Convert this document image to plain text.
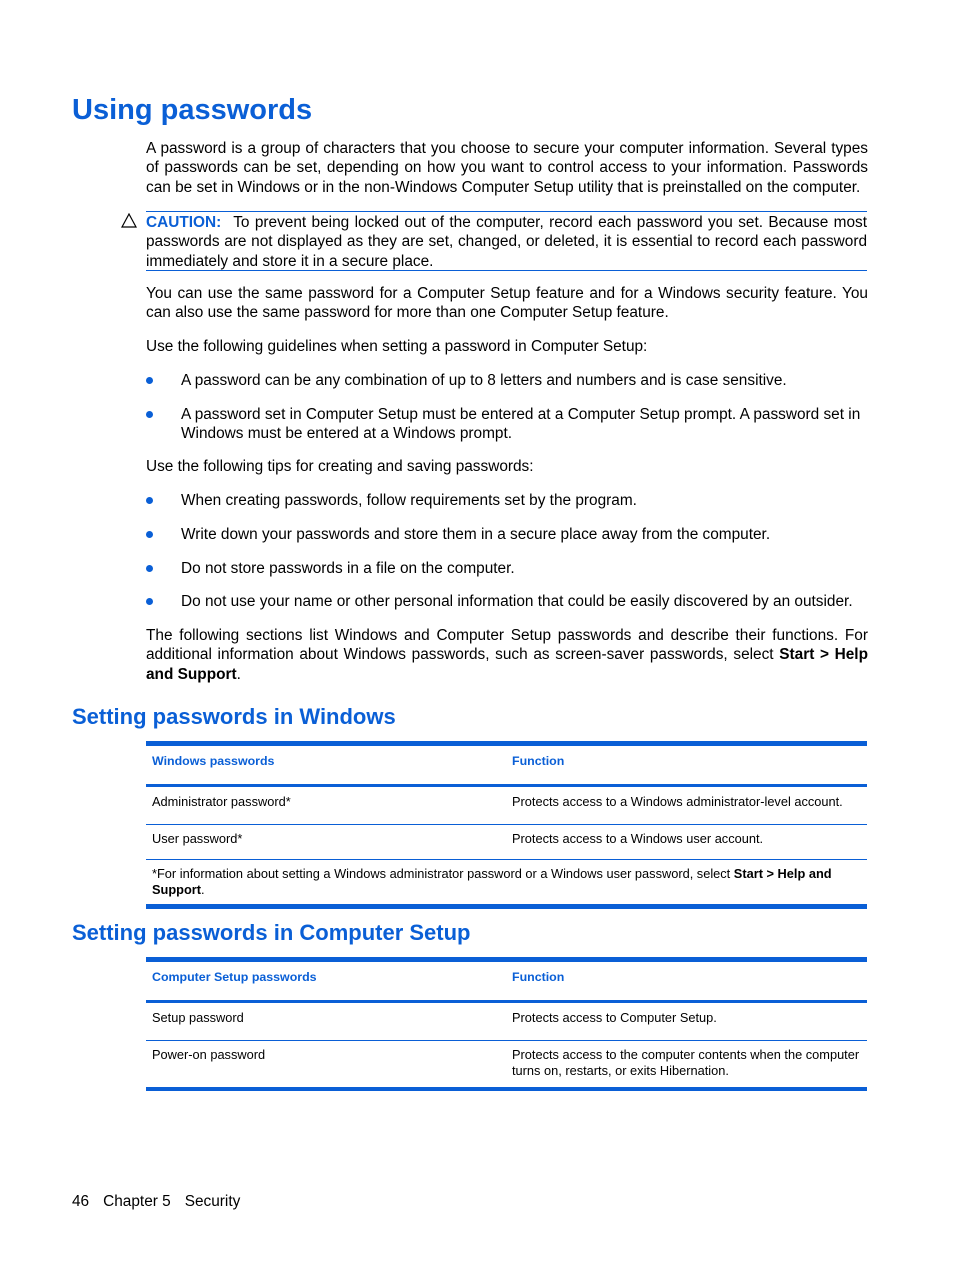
Using passwords

A password is a group of characters that you choose to secure your computer information. Several types of passwords can be set, depending on how you want to control access to your information. Passwords can be set in Windows or in the non-Windows Computer Setup utility that is preinstalled on the computer.

CAUTION: To prevent being locked out of the computer, record each password you set. Because most passwords are not displayed as they are set, changed, or deleted, it is essential to record each password immediately and store it in a secure place.

You can use the same password for a Computer Setup feature and for a Windows security feature. You can also use the same password for more than one Computer Setup feature.

Use the following guidelines when setting a password in Computer Setup:

A password can be any combination of up to 8 letters and numbers and is case sensitive.

A password set in Computer Setup must be entered at a Computer Setup prompt. A password set in Windows must be entered at a Windows prompt.

Use the following tips for creating and saving passwords:

When creating passwords, follow requirements set by the program.

Write down your passwords and store them in a secure place away from the computer.

Do not store passwords in a file on the computer.

Do not use your name or other personal information that could be easily discovered by an outsider.

The following sections list Windows and Computer Setup passwords and describe their functions. For additional information about Windows passwords, such as screen-saver passwords, select Start > Help and Support.

Setting passwords in Windows
Windows passwords	Function
Administrator password*	Protects access to a Windows administrator-level account.
User password*	Protects access to a Windows user account.
*For information about setting a Windows administrator password or a Windows user password, select Start > Help and Support.	
Setting passwords in Computer Setup
Computer Setup passwords	Function
Setup password	Protects access to Computer Setup.
Power-on password	Protects access to the computer contents when the computer turns on, restarts, or exits Hibernation.
46 Chapter 5 Security
